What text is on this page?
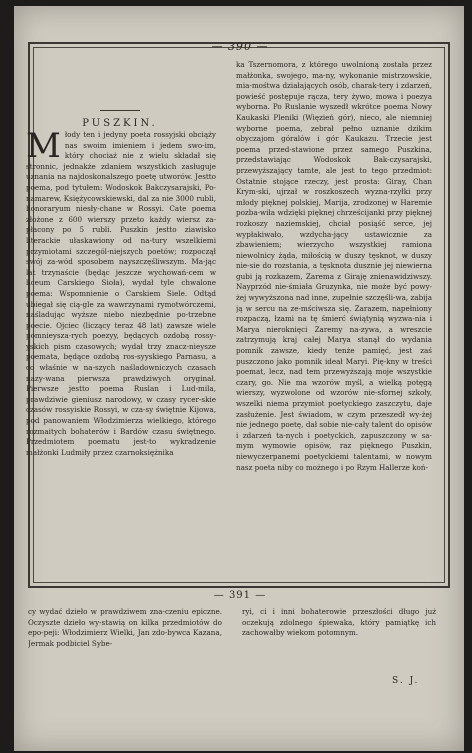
— 390 —
PUSZKIN.

M łody ten i jedyny poeta rossyjski obciąży nas swoim imieniem i jedem swo-im, który chociaż nie z wielu składał się stronnic, jednakże zdaniem wszystkich zasługuje uznania na najdoskonalszego poetę utworów. Jestto poema, pod tytułem: Wodoskok Bakczysarajski, Po-namarew, Księżycowskiewski, dal za nie 3000 rubli, honoraryum niesły-chane w Rossyi. Cate poema złożone z 600 wierszy przeto każdy wiersz za-płacony po 5 rubli. Puszkin jestto ziawisko literackie ułaskawiony od na-tury wszelkiemi przymiotami szczegól-niejszych poetów; rozpoczął swój za-wód sposobem nayszczęśliwszym. Ma-jąc lat trzynaście (będąc jeszcze wychowań-cem w liceum Carskiego Sioła), wydał tyle chwalone poema: Wspomnienie o Carskiem Siele. Odtąd ubiegał się cią-gle za wawrzynami rymotwórczemi, naśladując wyższe niebo niezbędnie po-trzebne poecie. Ojciec (liczący teraz 48 lat) zawsze wiele pomnieysza-rych poezyy, będących ozdobą rossy-yskich pism czasowych; wydał trzy znacz-nieysze poemata, będące ozdobą ros-syyskiego Parnasu, a co właśnie w na-szych naśladowniczych czasach nazy-wana pierwsza prawdziwych oryginał. Pierwsze jestto poema Ruslan i Lud-mila, prawdziwie gieniusz narodowy, w czasy rycer-skie czasów rossyiskie Rossyi, w cza-sy świętnie Kijowa, pod panowaniem Włodzimierza wielkiego, którego rozmaitych bohaterów i Bardów czasu świętnego. Przedmiotem poematu jest-to wykradzenie małżonki Ludmiły przez czarnoksiężnika

ka Tszernomora, z którego uwolnioną została przez małżonka, swojego, ma-ny, wykonanie mistrzowskie, mia-mośtwa działających osób, charak-tery i zdarzeń, powieść postępuje rącza, tery żywo, mowa i poezya wyborna. Po Ruslanie wyszedł wkrótce poema Nowy Kaukaski Pleniki (Więzień gór), nieco, ale niemniej wyborne poema, zebrał pełno uznanie dzikim obyczajom góralów i gór Kaukazu. Trzecie jest poema przed-stawione przez samego Puszkina, przedstawiając Wodoskok Bak-czysarajski, przewyższający tamte, ale jest to tego przedmiot: Ostatnie stojące rzeczy, jest prosta: Giray, Chan Krym-ski, ujrzał w roszkoszech wyzna-rzyłki przy młody pięknej polskiej, Marija, zrodzonej w Haremie pozba-wiła wdzięki pięknej chrześcijanki przy pięknej rozkoszy naziemskiej, chciał posiąść serce, jej wypłakiwało, wzdycha-jący ustawicznie za zbawieniem; wierzycho wszystkiej ramiona niewolnicy żąda, miłością w duszy tęsknot, w duszy nie-sie do rozstania, a tęsknota dusznie jej niewierna gubi ją rozkazem, Zarema z Giraję znienawidziwszy. Nayprzód nie-śmiała Gruzynka, nie może być powy-żej wywyższona nad inne, zupełnie szczęśli-wa, zabija ją w sercu na ze-mściwsza się. Zarazem, napełniony rozpaczą, łzami na tę śmierć świątynią wyzwa-nia i Marya nieroknięci Zaremy na-zywa, a wreszcie zatrzymują kraj całej Marya stanął do wydania pomnik zawsze, kiedy tenże pamięć, jest zaś puszczono jako pomnik ideał Maryi. Pię-kny w treści poemat, lecz, nad tem przewyższają moje wszystkie czary, go. Nie ma wzorów myśl, a wielką potęgą wierszy, wyzwolone od wzorów nie-sfornej szkoły, wszelki niema przymiot poetyckiego zaszczytu, daje zasłużenie. Jest świadom, w czym przeszedł wy-żej nie jednego poetę, dał sobie nie-cały talent do opisów i zdarzeń ta-nych i poetyckich, zapuszczony w sa-mym wymowie opisów, raz pięknego Puszkin, niewyczerpanemi poetyckiemi talentami, w nowym nasz poeta niby co możnego i po Rzym Hallerze koń-

— 391 —
cy wydać dzieło w prawdziwem zna-czeniu epiczne. Oczyszte dzieło wy-stawią on kilka przedmiotów do epo-peji: Włodzimierz Wielki, Jan zdo-bywca Kazana, Jermak podbiciel Sybe-
ryi, ci i inni bohaterowie przeszłości długo już oczekują zdolnego śpiewaka, który pamiątkę ich zachowałby wiekom potomnym.
S. J.
